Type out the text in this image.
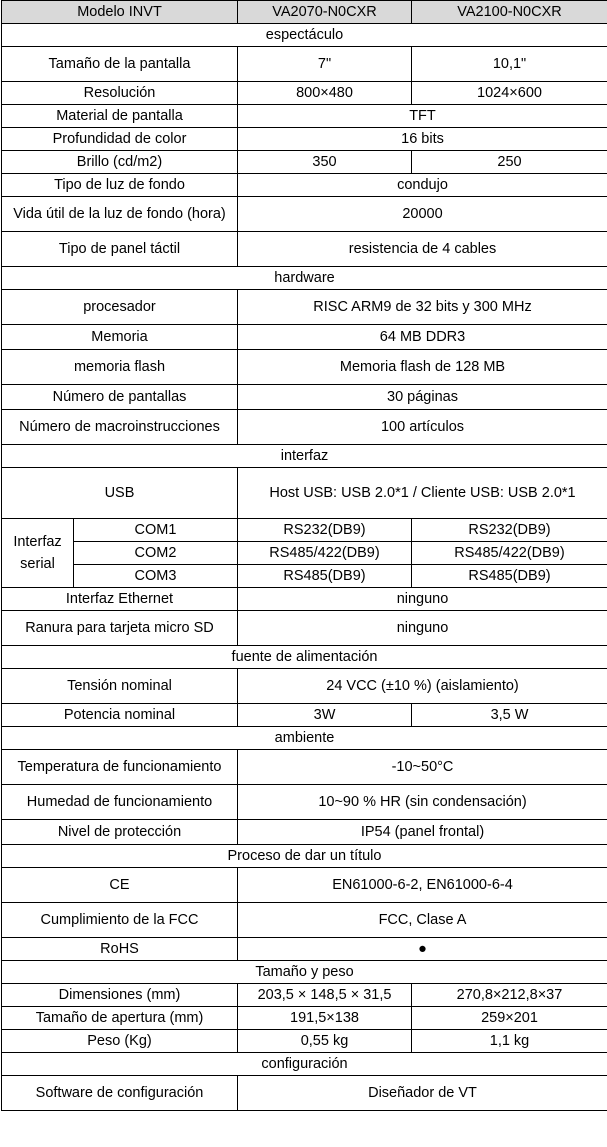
Modelo INVT		VA2070-N0CXR	VA2100-N0CXR
espectáculo			
Tamaño de la pantalla		7"	10,1"
Resolución		800×480	1024×600
Material de pantalla		TFT	
Profundidad de color		16 bits	
Brillo (cd/m2)		350	250
Tipo de luz de fondo		condujo	
Vida útil de la luz de fondo (hora)		20000	
Tipo de panel táctil		resistencia de 4 cables	
hardware			
procesador		RISC ARM9 de 32 bits y 300 MHz	
Memoria		64 MB DDR3	
memoria flash		Memoria flash de 128 MB	
Número de pantallas		30 páginas	
Número de macroinstrucciones		100 artículos	
interfaz			
USB		Host USB: USB 2.0*1 / Cliente USB: USB 2.0*1	
Interfaz serial	COM1	RS232(DB9)	RS232(DB9)
	COM2	RS485/422(DB9)	RS485/422(DB9)
	COM3	RS485(DB9)	RS485(DB9)
Interfaz Ethernet		ninguno	
Ranura para tarjeta micro SD		ninguno	
fuente de alimentación			
Tensión nominal		24 VCC (±10 %) (aislamiento)	
Potencia nominal		3W	3,5 W
ambiente			
Temperatura de funcionamiento		-10~50°C	
Humedad de funcionamiento		10~90 % HR (sin condensación)	
Nivel de protección		IP54 (panel frontal)	
Proceso de dar un título			
CE		EN61000-6-2, EN61000-6-4	
Cumplimiento de la FCC		FCC, Clase A	
RoHS		●	
Tamaño y peso			
Dimensiones (mm)		203,5 × 148,5 × 31,5	270,8×212,8×37
Tamaño de apertura (mm)		191,5×138	259×201
Peso (Kg)		0,55 kg	1,1 kg
configuración			
Software de configuración		Diseñador de VT	
